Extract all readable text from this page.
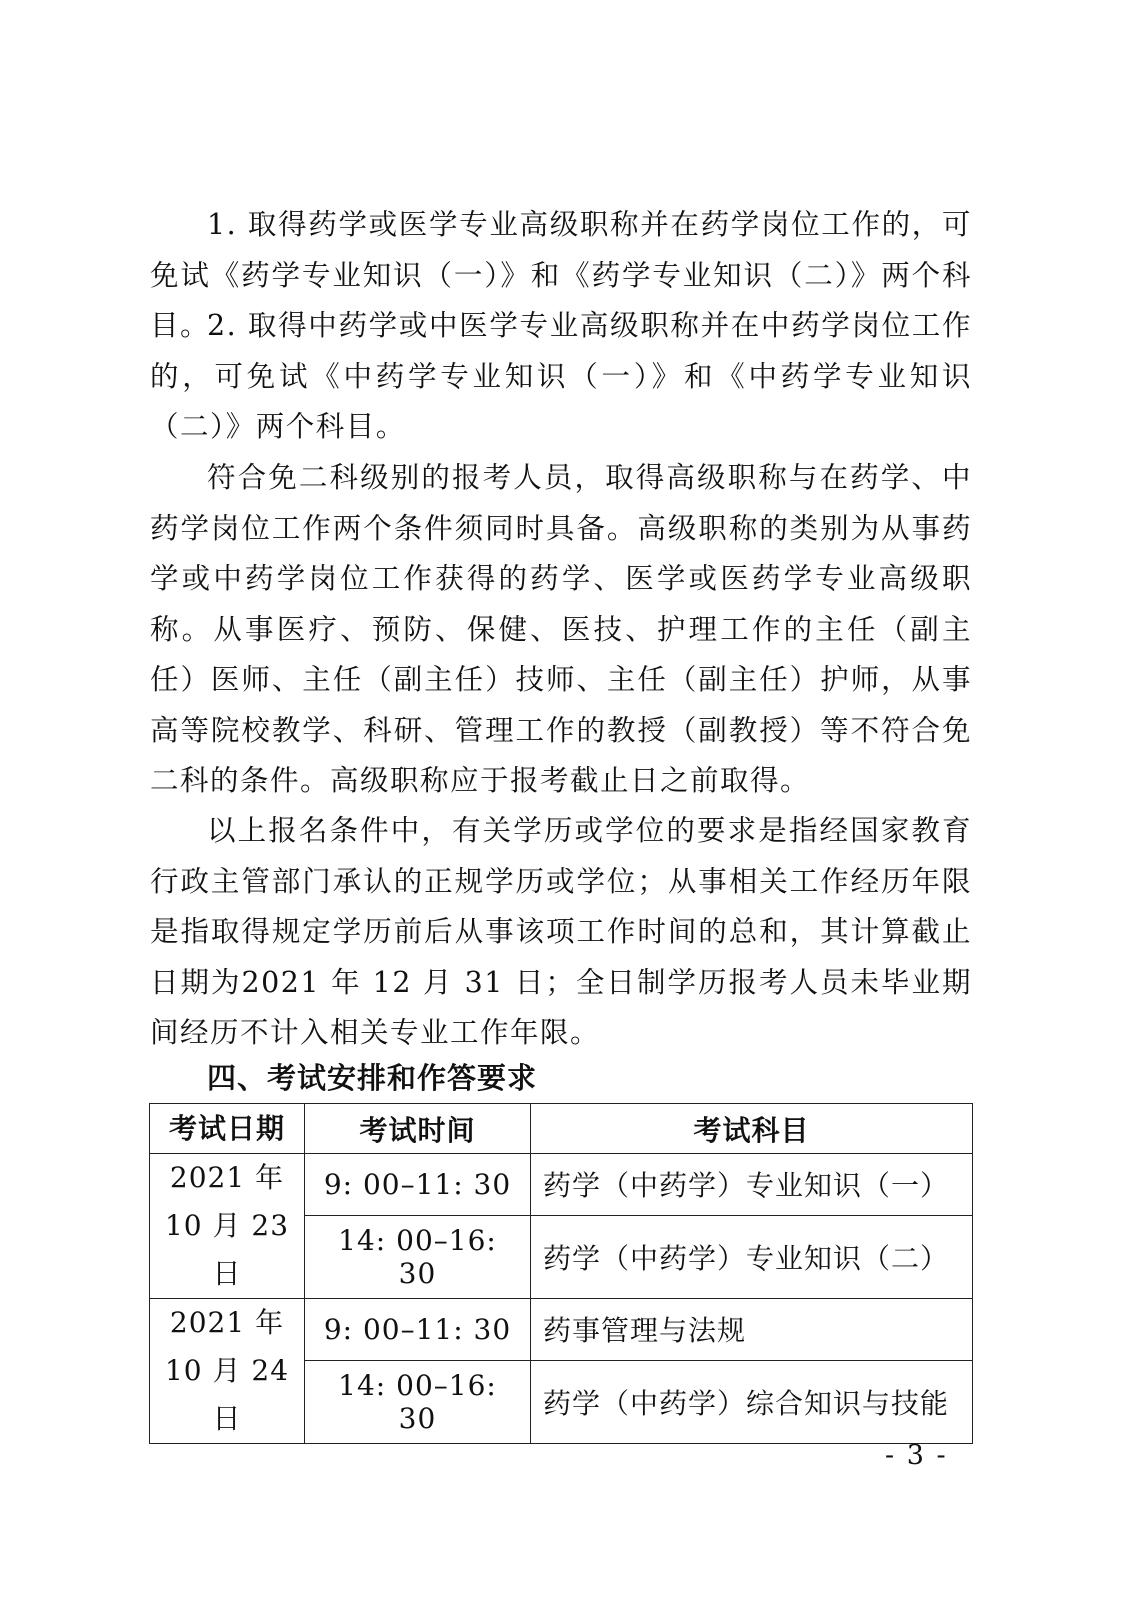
1. 取得药学或医学专业高级职称并在药学岗位工作的，可免试《药学专业知识（一）》和《药学专业知识（二）》两个科目。

2. 取得中药学或中医学专业高级职称并在中药学岗位工作的，可免试《中药学专业知识（一）》和《中药学专业知识（二）》两个科目。

符合免二科级别的报考人员，取得高级职称与在药学、中药学岗位工作两个条件须同时具备。高级职称的类别为从事药学或中药学岗位工作获得的药学、医学或医药学专业高级职称。从事医疗、预防、保健、医技、护理工作的主任（副主任）医师、主任（副主任）技师、主任（副主任）护师，从事高等院校教学、科研、管理工作的教授（副教授）等不符合免二科的条件。高级职称应于报考截止日之前取得。

以上报名条件中，有关学历或学位的要求是指经国家教育行政主管部门承认的正规学历或学位；从事相关工作经历年限是指取得规定学历前后从事该项工作时间的总和，其计算截止日期为2021 年 12 月 31 日；全日制学历报考人员未毕业期间经历不计入相关专业工作年限。

四、考试安排和作答要求
考试日期	考试时间	考试科目

2021 年
10 月 23 日	9: 00–11: 30	药学（中药学）专业知识（一）
	14: 00–16: 30	药学（中药学）专业知识（二）

2021 年
10 月 24 日	9: 00–11: 30	药事管理与法规
	14: 00–16: 30	药学（中药学）综合知识与技能
- 3 -
